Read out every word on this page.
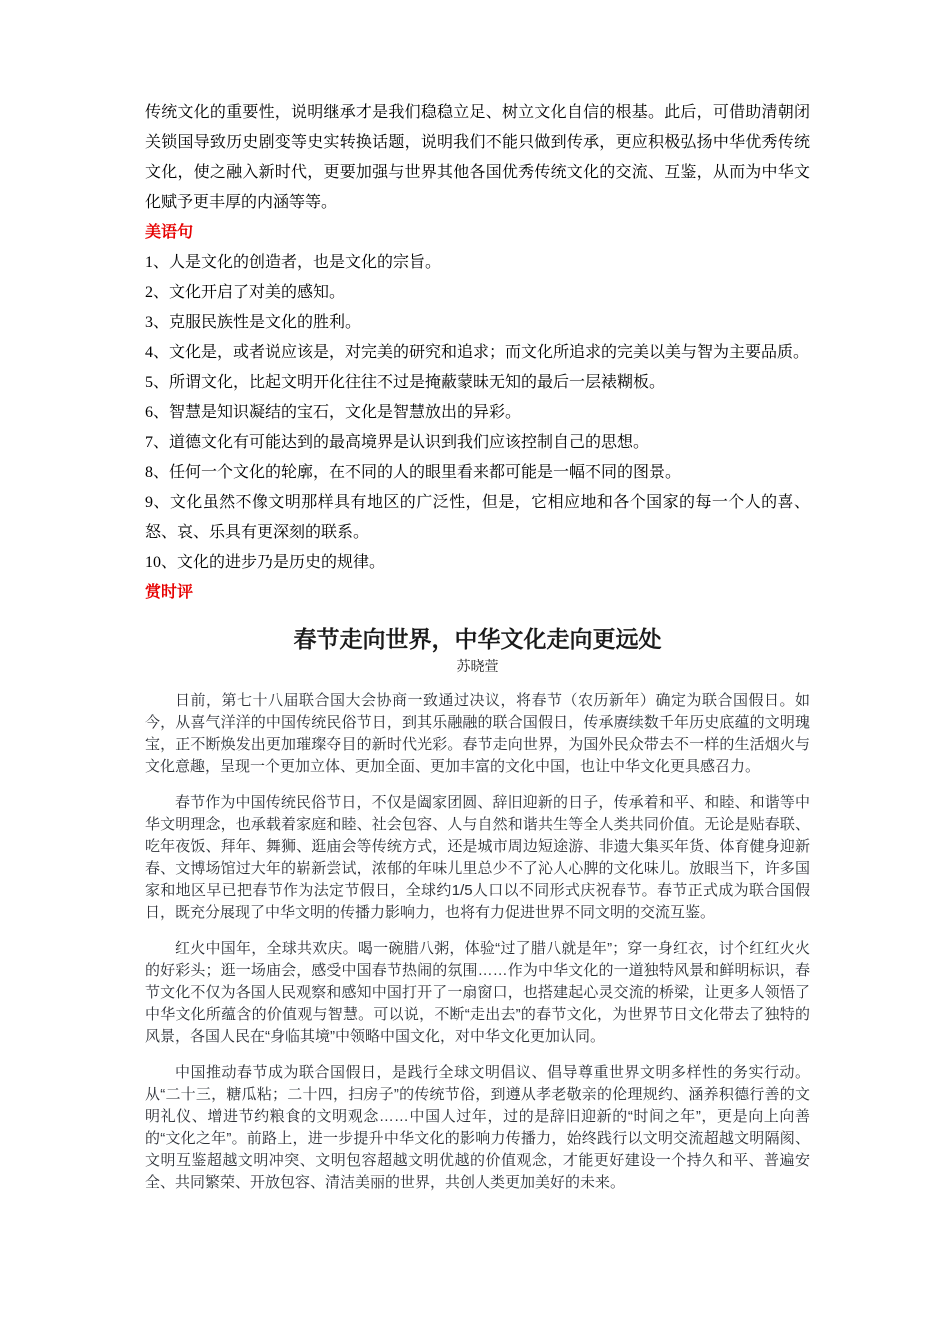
传统文化的重要性，说明继承才是我们稳稳立足、树立文化自信的根基。此后，可借助清朝闭关锁国导致历史剧变等史实转换话题，说明我们不能只做到传承，更应积极弘扬中华优秀传统文化，使之融入新时代，更要加强与世界其他各国优秀传统文化的交流、互鉴，从而为中华文化赋予更丰厚的内涵等等。

美语句

1、人是文化的创造者，也是文化的宗旨。

2、文化开启了对美的感知。

3、克服民族性是文化的胜利。

4、文化是，或者说应该是，对完美的研究和追求；而文化所追求的完美以美与智为主要品质。

5、所谓文化，比起文明开化往往不过是掩蔽蒙昧无知的最后一层裱糊板。

6、智慧是知识凝结的宝石，文化是智慧放出的异彩。

7、道德文化有可能达到的最高境界是认识到我们应该控制自己的思想。

8、任何一个文化的轮廓，在不同的人的眼里看来都可能是一幅不同的图景。

9、文化虽然不像文明那样具有地区的广泛性，但是，它相应地和各个国家的每一个人的喜、怒、哀、乐具有更深刻的联系。

10、文化的进步乃是历史的规律。

赏时评
春节走向世界，中华文化走向更远处
苏晓萱

日前，第七十八届联合国大会协商一致通过决议，将春节（农历新年）确定为联合国假日。如今，从喜气洋洋的中国传统民俗节日，到其乐融融的联合国假日，传承赓续数千年历史底蕴的文明瑰宝，正不断焕发出更加璀璨夺目的新时代光彩。春节走向世界，为国外民众带去不一样的生活烟火与文化意趣，呈现一个更加立体、更加全面、更加丰富的文化中国，也让中华文化更具感召力。

春节作为中国传统民俗节日，不仅是阖家团圆、辞旧迎新的日子，传承着和平、和睦、和谐等中华文明理念，也承载着家庭和睦、社会包容、人与自然和谐共生等全人类共同价值。无论是贴春联、吃年夜饭、拜年、舞狮、逛庙会等传统方式，还是城市周边短途游、非遗大集买年货、体育健身迎新春、文博场馆过大年的崭新尝试，浓郁的年味儿里总少不了沁人心脾的文化味儿。放眼当下，许多国家和地区早已把春节作为法定节假日，全球约1/5人口以不同形式庆祝春节。春节正式成为联合国假日，既充分展现了中华文明的传播力影响力，也将有力促进世界不同文明的交流互鉴。

红火中国年，全球共欢庆。喝一碗腊八粥，体验“过了腊八就是年”；穿一身红衣，讨个红红火火的好彩头；逛一场庙会，感受中国春节热闹的氛围……作为中华文化的一道独特风景和鲜明标识，春节文化不仅为各国人民观察和感知中国打开了一扇窗口，也搭建起心灵交流的桥梁，让更多人领悟了中华文化所蕴含的价值观与智慧。可以说，不断“走出去”的春节文化，为世界节日文化带去了独特的风景，各国人民在“身临其境”中领略中国文化，对中华文化更加认同。

中国推动春节成为联合国假日，是践行全球文明倡议、倡导尊重世界文明多样性的务实行动。从“二十三，糖瓜粘；二十四，扫房子”的传统节俗，到遵从孝老敬亲的伦理规约、涵养积德行善的文明礼仪、增进节约粮食的文明观念……中国人过年，过的是辞旧迎新的“时间之年”，更是向上向善的“文化之年”。前路上，进一步提升中华文化的影响力传播力，始终践行以文明交流超越文明隔阂、文明互鉴超越文明冲突、文明包容超越文明优越的价值观念，才能更好建设一个持久和平、普遍安全、共同繁荣、开放包容、清洁美丽的世界，共创人类更加美好的未来。
